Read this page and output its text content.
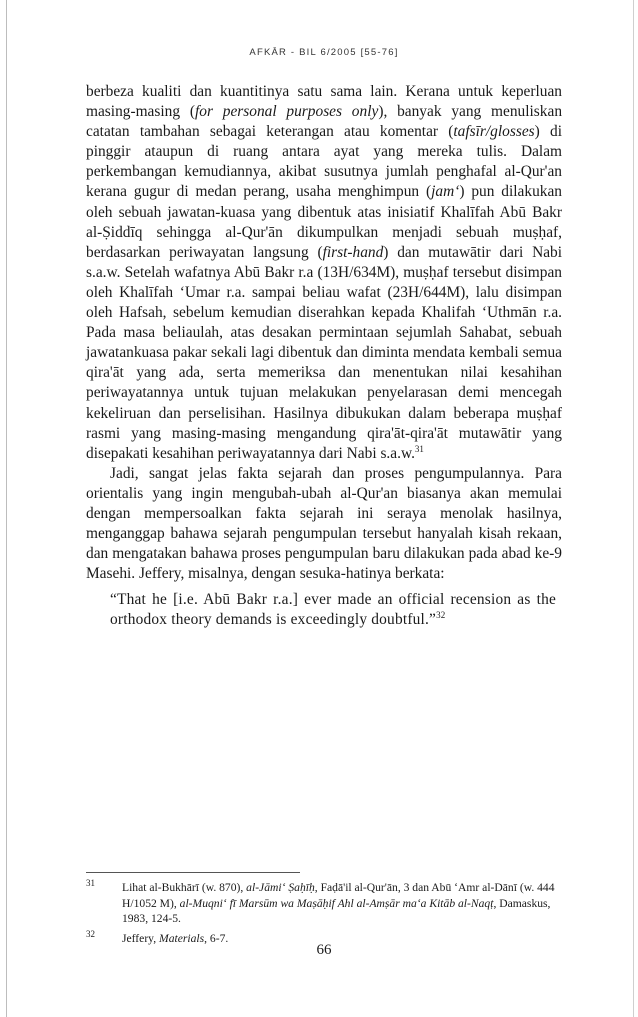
AFKĀR - BIL 6/2005 [55-76]

berbeza kualiti dan kuantitinya satu sama lain. Kerana untuk keperluan masing-masing (for personal purposes only), banyak yang menuliskan catatan tambahan sebagai keterangan atau komentar (tafsīr/glosses) di pinggir ataupun di ruang antara ayat yang mereka tulis. Dalam perkembangan kemudiannya, akibat susutnya jumlah penghafal al-Qur'an kerana gugur di medan perang, usaha menghimpun (jam‘) pun dilakukan oleh sebuah jawatan-kuasa yang dibentuk atas inisiatif Khalīfah Abū Bakr al-Ṣiddīq sehingga al-Qur'ān dikumpulkan menjadi sebuah muṣḥaf, berdasarkan periwayatan langsung (first-hand) dan mutawātir dari Nabi s.a.w. Setelah wafatnya Abū Bakr r.a (13H/634M), muṣḥaf tersebut disimpan oleh Khalīfah ‘Umar r.a. sampai beliau wafat (23H/644M), lalu disimpan oleh Hafsah, sebelum kemudian diserahkan kepada Khalifah ‘Uthmān r.a. Pada masa beliaulah, atas desakan permintaan sejumlah Sahabat, sebuah jawatankuasa pakar sekali lagi dibentuk dan diminta mendata kembali semua qira'āt yang ada, serta memeriksa dan menentukan nilai kesahihan periwayatannya untuk tujuan melakukan penyelarasan demi mencegah kekeliruan dan perselisihan. Hasilnya dibukukan dalam beberapa muṣḥaf rasmi yang masing-masing mengandung qira'āt-qira'āt mutawātir yang disepakati kesahihan periwayatannya dari Nabi s.a.w.$^{31}$

Jadi, sangat jelas fakta sejarah dan proses pengumpulannya. Para orientalis yang ingin mengubah-ubah al-Qur'an biasanya akan memulai dengan mempersoalkan fakta sejarah ini seraya menolak hasilnya, menganggap bahawa sejarah pengumpulan tersebut hanyalah kisah rekaan, dan mengatakan bahawa proses pengumpulan baru dilakukan pada abad ke-9 Masehi. Jeffery, misalnya, dengan sesuka-hatinya berkata:

“That he [i.e. Abū Bakr r.a.] ever made an official recension as the orthodox theory demands is exceedingly doubtful.”$^{32}$
$^{31}$	Lihat al-Bukhārī (w. 870), al-Jāmi‘ Ṣaḥīḥ, Faḍā'il al-Qur'ān, 3 dan Abū ‘Amr al-Dānī (w. 444 H/1052 M), al-Muqni‘ fī Marsūm wa Maṣāḥif Ahl al-Amṣār ma‘a Kitāb al-Naqṭ, Damaskus, 1983, 124-5.
$^{32}$	Jeffery, Materials, 6-7.
66
